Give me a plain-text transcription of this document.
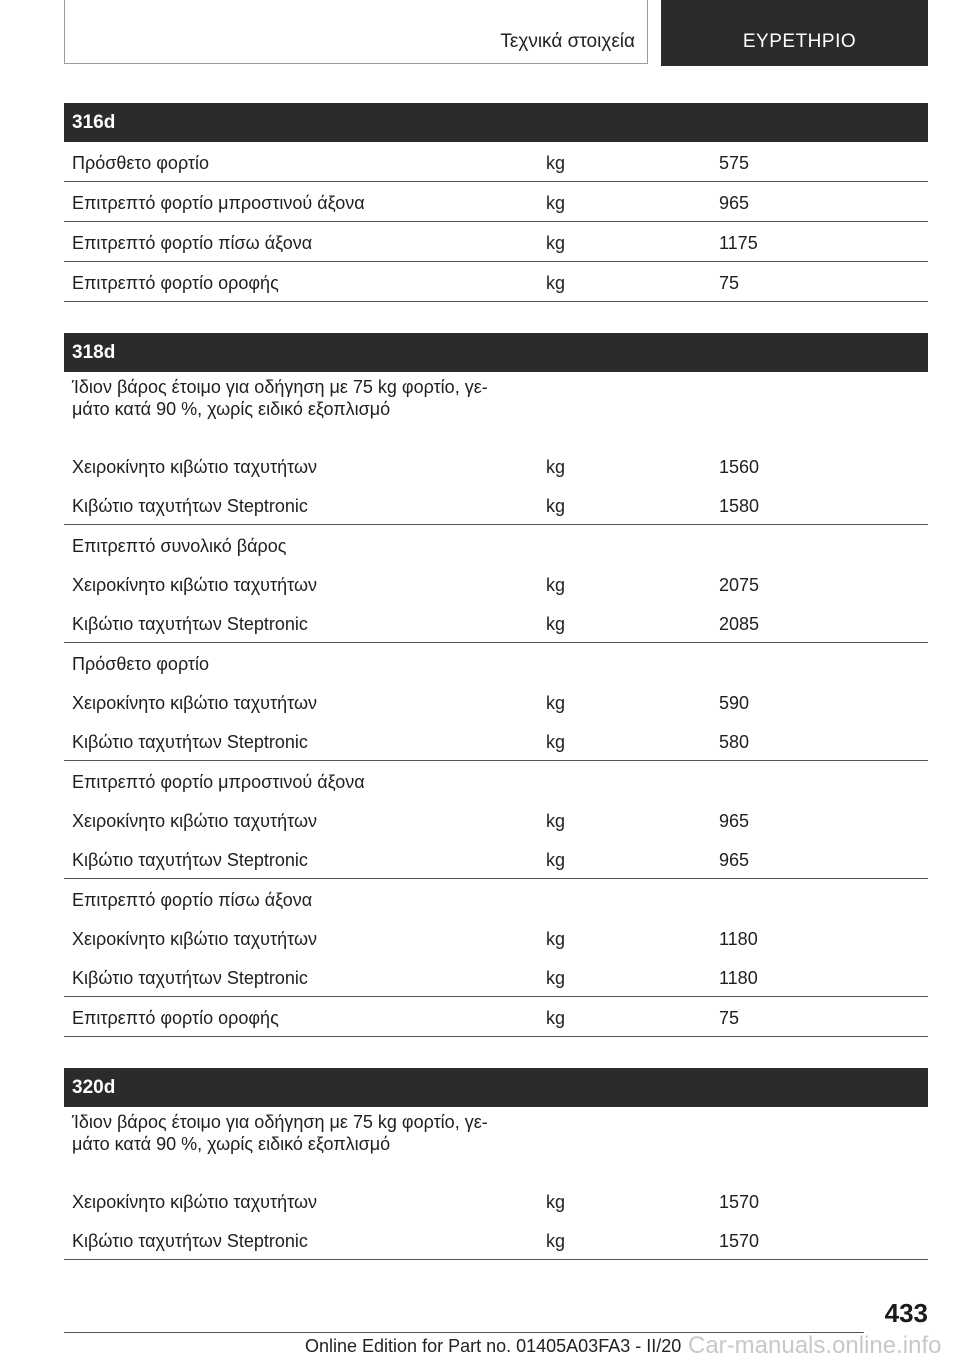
Τεχνικά στοιχεία	ΕΥΡΕΤΗΡΙΟ
316d
Πρόσθετο φορτίο	kg	575
Επιτρεπτό φορτίο μπροστινού άξονα	kg	965
Επιτρεπτό φορτίο πίσω άξονα	kg	1175
Επιτρεπτό φορτίο οροφής	kg	75
318d
Ίδιον βάρος έτοιμο για οδήγηση με 75 kg φορτίο, γε-
μάτο κατά 90 %, χωρίς ειδικό εξοπλισμό
Χειροκίνητο κιβώτιο ταχυτήτων	kg	1560
Κιβώτιο ταχυτήτων Steptronic	kg	1580
Επιτρεπτό συνολικό βάρος
Χειροκίνητο κιβώτιο ταχυτήτων	kg	2075
Κιβώτιο ταχυτήτων Steptronic	kg	2085
Πρόσθετο φορτίο
Χειροκίνητο κιβώτιο ταχυτήτων	kg	590
Κιβώτιο ταχυτήτων Steptronic	kg	580
Επιτρεπτό φορτίο μπροστινού άξονα
Χειροκίνητο κιβώτιο ταχυτήτων	kg	965
Κιβώτιο ταχυτήτων Steptronic	kg	965
Επιτρεπτό φορτίο πίσω άξονα
Χειροκίνητο κιβώτιο ταχυτήτων	kg	1180
Κιβώτιο ταχυτήτων Steptronic	kg	1180
Επιτρεπτό φορτίο οροφής	kg	75
320d
Ίδιον βάρος έτοιμο για οδήγηση με 75 kg φορτίο, γε-
μάτο κατά 90 %, χωρίς ειδικό εξοπλισμό
Χειροκίνητο κιβώτιο ταχυτήτων	kg	1570
Κιβώτιο ταχυτήτων Steptronic	kg	1570
433
Online Edition for Part no. 01405A03FA3 - II/20 Car-manuals.online.info
